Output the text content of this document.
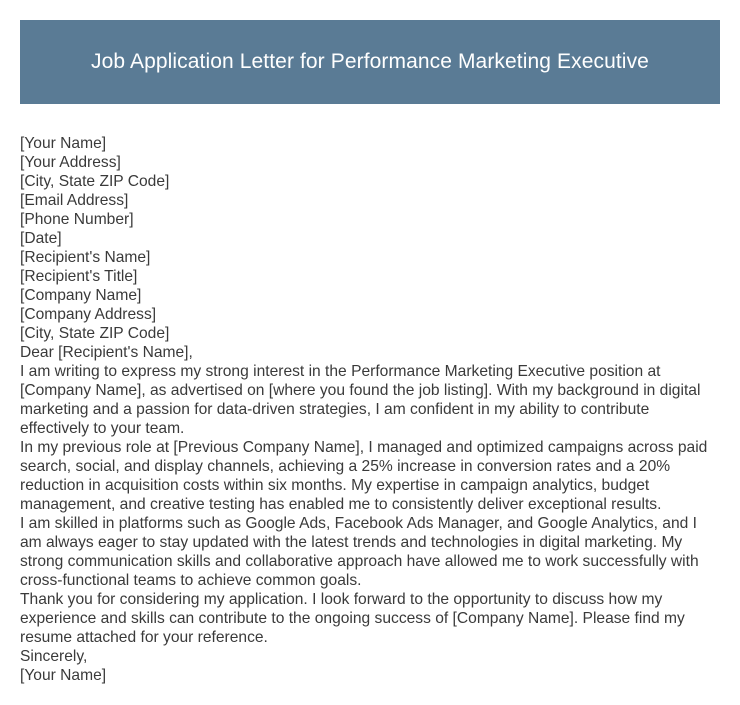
Job Application Letter for Performance Marketing Executive
[Your Name]
[Your Address]
[City, State ZIP Code]
[Email Address]
[Phone Number]
[Date]
[Recipient's Name]
[Recipient's Title]
[Company Name]
[Company Address]
[City, State ZIP Code]

Dear [Recipient's Name],

I am writing to express my strong interest in the Performance Marketing Executive position at [Company Name], as advertised on [where you found the job listing]. With my background in digital marketing and a passion for data-driven strategies, I am confident in my ability to contribute effectively to your team.

In my previous role at [Previous Company Name], I managed and optimized campaigns across paid search, social, and display channels, achieving a 25% increase in conversion rates and a 20% reduction in acquisition costs within six months. My expertise in campaign analytics, budget management, and creative testing has enabled me to consistently deliver exceptional results.

I am skilled in platforms such as Google Ads, Facebook Ads Manager, and Google Analytics, and I am always eager to stay updated with the latest trends and technologies in digital marketing. My strong communication skills and collaborative approach have allowed me to work successfully with cross-functional teams to achieve common goals.

Thank you for considering my application. I look forward to the opportunity to discuss how my experience and skills can contribute to the ongoing success of [Company Name]. Please find my resume attached for your reference.

Sincerely,

[Your Name]
